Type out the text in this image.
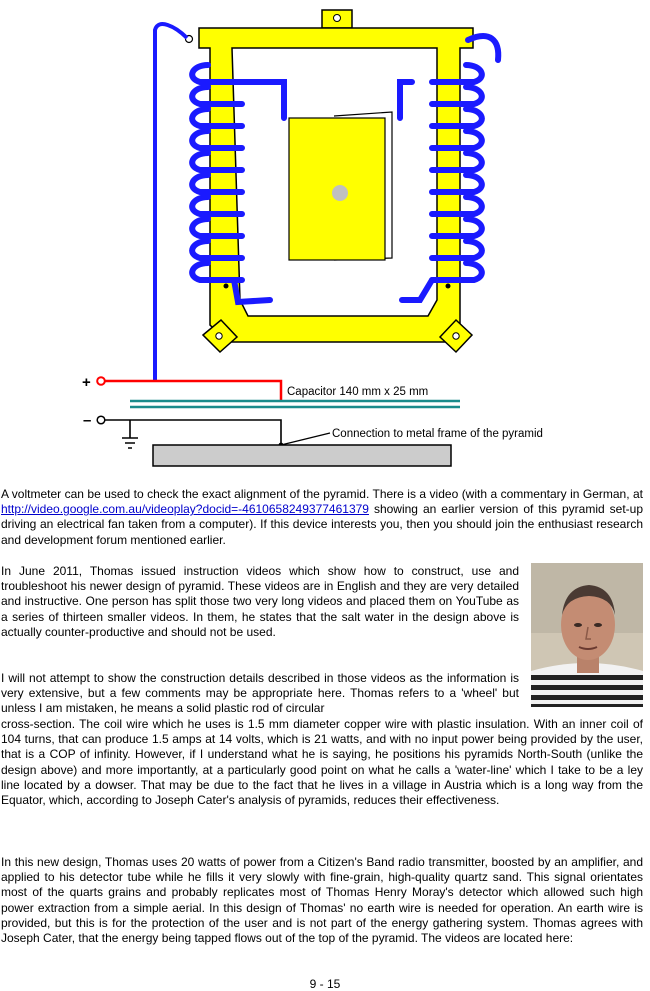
+
Capacitor 140 mm x 25 mm
–
Connection to metal frame of the pyramid

A voltmeter can be used to check the exact alignment of the pyramid. There is a video (with a commentary in German, at http://video.google.com.au/videoplay?docid=-4610658249377461379 showing an earlier version of this pyramid set-up driving an electrical fan taken from a computer). If this device interests you, then you should join the enthusiast research and development forum mentioned earlier.

In June 2011, Thomas issued instruction videos which show how to construct, use and troubleshoot his newer design of pyramid. These videos are in English and they are very detailed and instructive. One person has split those two very long videos and placed them on YouTube as a series of thirteen smaller videos. In them, he states that the salt water in the design above is actually counter-productive and should not be used.

I will not attempt to show the construction details described in those videos as the information is very extensive, but a few comments may be appropriate here. Thomas refers to a 'wheel' but unless I am mistaken, he means a solid plastic rod of circular

cross-section. The coil wire which he uses is 1.5 mm diameter copper wire with plastic insulation. With an inner coil of 104 turns, that can produce 1.5 amps at 14 volts, which is 21 watts, and with no input power being provided by the user, that is a COP of infinity. However, if I understand what he is saying, he positions his pyramids North-South (unlike the design above) and more importantly, at a particularly good point on what he calls a 'water-line' which I take to be a ley line located by a dowser. That may be due to the fact that he lives in a village in Austria which is a long way from the Equator, which, according to Joseph Cater's analysis of pyramids, reduces their effectiveness.

In this new design, Thomas uses 20 watts of power from a Citizen's Band radio transmitter, boosted by an amplifier, and applied to his detector tube while he fills it very slowly with fine-grain, high-quality quartz sand. This signal orientates most of the quarts grains and probably replicates most of Thomas Henry Moray's detector which allowed such high power extraction from a simple aerial. In this design of Thomas' no earth wire is needed for operation. An earth wire is provided, but this is for the protection of the user and is not part of the energy gathering system. Thomas agrees with Joseph Cater, that the energy being tapped flows out of the top of the pyramid. The videos are located here:

9 - 15
